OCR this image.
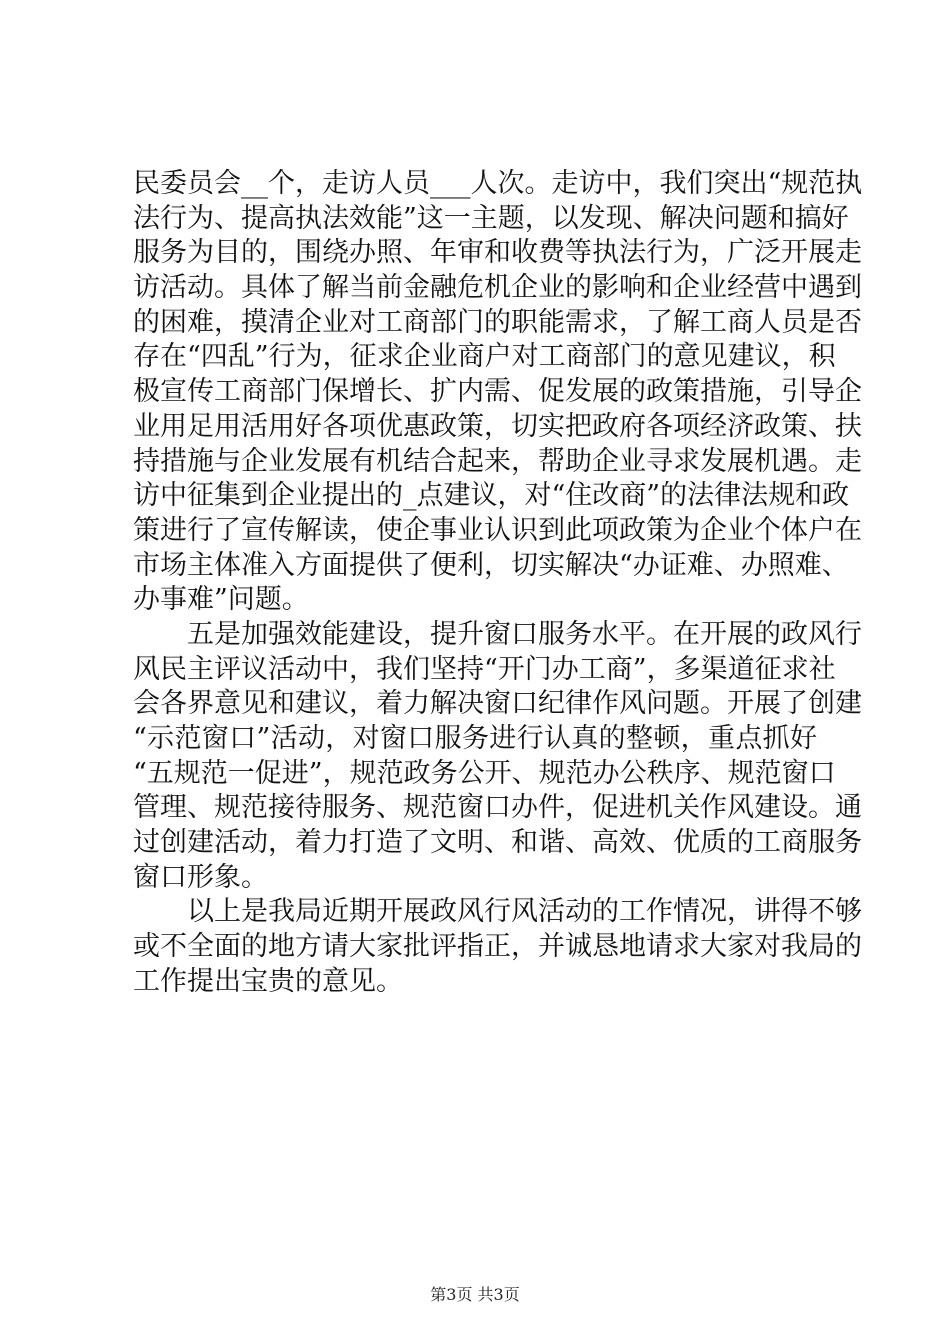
民委员会__个，走访人员___人次。走访中，我们突出“规范执
法行为、提高执法效能”这一主题，以发现、解决问题和搞好
服务为目的，围绕办照、年审和收费等执法行为，广泛开展走
访活动。具体了解当前金融危机企业的影响和企业经营中遇到
的困难，摸清企业对工商部门的职能需求，了解工商人员是否
存在“四乱”行为，征求企业商户对工商部门的意见建议，积
极宣传工商部门保增长、扩内需、促发展的政策措施，引导企
业用足用活用好各项优惠政策，切实把政府各项经济政策、扶
持措施与企业发展有机结合起来，帮助企业寻求发展机遇。走
访中征集到企业提出的_点建议，对“住改商”的法律法规和政
策进行了宣传解读，使企事业认识到此项政策为企业个体户在
市场主体准入方面提供了便利，切实解决“办证难、办照难、
办事难”问题。
五是加强效能建设，提升窗口服务水平。在开展的政风行
风民主评议活动中，我们坚持“开门办工商”，多渠道征求社
会各界意见和建议，着力解决窗口纪律作风问题。开展了创建
“示范窗口”活动，对窗口服务进行认真的整顿，重点抓好
“五规范一促进”，规范政务公开、规范办公秩序、规范窗口
管理、规范接待服务、规范窗口办件，促进机关作风建设。通
过创建活动，着力打造了文明、和谐、高效、优质的工商服务
窗口形象。
以上是我局近期开展政风行风活动的工作情况，讲得不够
或不全面的地方请大家批评指正，并诚恳地请求大家对我局的
工作提出宝贵的意见。
第3页 共3页
